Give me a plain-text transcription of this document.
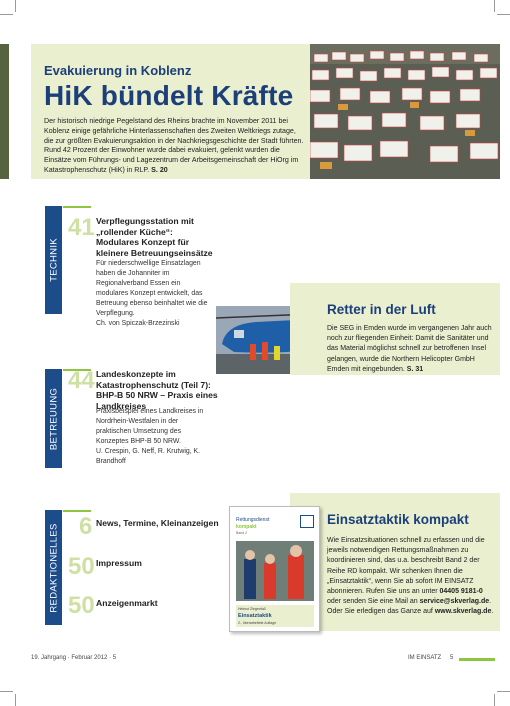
Evakuierung in Koblenz
HiK bündelt Kräfte
Der historisch niedrige Pegelstand des Rheins brachte im November 2011 bei Koblenz einige gefährliche Hinterlassenschaften des Zweiten Weltkriegs zutage, die zur größten Evakuierungsaktion in der Nachkriegsgeschichte der Stadt führten. Rund 42 Prozent der Einwohner wurde dabei evakuiert, gelenkt wurden die Einsätze vom Führungs- und Lagezentrum der Arbeitsgemeinschaft der HiOrg im Katastrophenschutz (HiK) in RLP. S. 20
TECHNIK
41 Verpflegungsstation mit „rollender Küche“: Modulares Konzept für kleinere Betreuungseinsätze
Für niederschwellige Einsatzlagen haben die Johanniter im Regionalverband Essen ein modulares Konzept entwickelt, das Betreuung ebenso beinhaltet wie die Verpflegung.
Ch. von Spiczak-Brzezinski
Retter in der Luft
Die SEG in Emden wurde im vergangenen Jahr auch noch zur fliegenden Einheit: Damit die Sanitäter und das Material möglichst schnell zur betroffenen Insel gelangen, wurde die Northern Helicopter GmbH Emden mit eingebunden. S. 31
BETREUUNG
44 Landeskonzepte im Katastrophenschutz (Teil 7): BHP-B 50 NRW – Praxis eines Landkreises
Praxisbeispiel eines Landkreises in Nordrhein-Westfalen in der praktischen Umsetzung des Konzeptes BHP-B 50 NRW.
U. Crespin, G. Neff, R. Krutwig, K. Brandhoff
REDAKTIONELLES 6 News, Termine, Kleinanzeigen
50 Impressum
50 Anzeigenmarkt
Einsatztaktik kompakt
Wie Einsatzsituationen schnell zu erfassen und die jeweils notwendigen Rettungsmaßnahmen zu koordinieren sind, das u.a. beschreibt Band 2 der Reihe RD kompakt. Wir schenken Ihnen die „Einsatztaktik“, wenn Sie ab sofort IM EINSATZ abonnieren. Rufen Sie uns an unter 04405 9181-0 oder senden Sie eine Mail an service@skverlag.de. Oder Sie erledigen das Ganze auf www.skverlag.de.
Rettungsdienst
kompakt
Band 2
Helmut Ziegenfuß
Einsatztaktik
2., überarbeitete Auflage
19. Jahrgang · Februar 2012 · 5	IM EINSATZ 5
